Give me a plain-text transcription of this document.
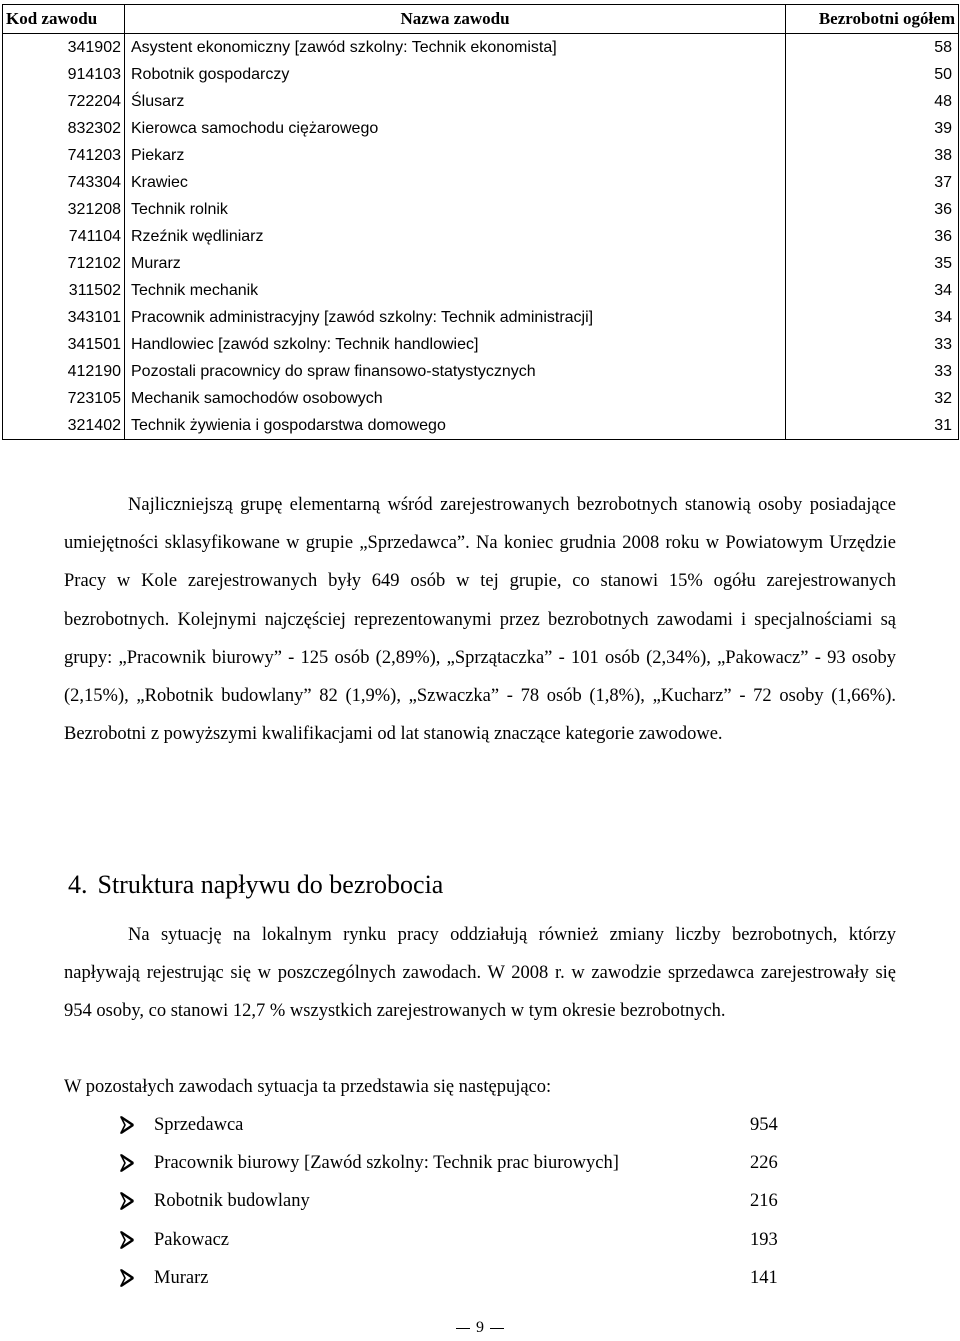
Kod zawodu	Nazwa zawodu	Bezrobotni ogółem
341902	Asystent ekonomiczny [zawód szkolny: Technik ekonomista]	58
914103	Robotnik gospodarczy	50
722204	Ślusarz	48
832302	Kierowca samochodu ciężarowego	39
741203	Piekarz	38
743304	Krawiec	37
321208	Technik rolnik	36
741104	Rzeźnik wędliniarz	36
712102	Murarz	35
311502	Technik mechanik	34
343101	Pracownik administracyjny [zawód szkolny: Technik administracji]	34
341501	Handlowiec [zawód szkolny: Technik handlowiec]	33
412190	Pozostali pracownicy do spraw finansowo-statystycznych	33
723105	Mechanik samochodów osobowych	32
321402	Technik żywienia i gospodarstwa domowego	31

Najliczniejszą grupę elementarną wśród zarejestrowanych bezrobotnych stanowią osoby posiadające umiejętności sklasyfikowane w grupie „Sprzedawca”. Na koniec grudnia 2008 roku w Powiatowym Urzędzie Pracy w Kole zarejestrowanych były 649 osób w tej grupie, co stanowi 15% ogółu zarejestrowanych bezrobotnych. Kolejnymi najczęściej reprezentowanymi przez bezrobotnych zawodami i specjalnościami są grupy: „Pracownik biurowy” - 125 osób (2,89%), „Sprzątaczka” - 101 osób (2,34%), „Pakowacz” - 93 osoby (2,15%), „Robotnik budowlany” 82 (1,9%), „Szwaczka” - 78 osób (1,8%), „Kucharz” - 72 osoby (1,66%). Bezrobotni z powyższymi kwalifikacjami od lat stanowią znaczące kategorie zawodowe.

4. Struktura napływu do bezrobocia

Na sytuację na lokalnym rynku pracy oddziałują również zmiany liczby bezrobotnych, którzy napływają rejestrując się w poszczególnych zawodach. W 2008 r. w zawodzie sprzedawca zarejestrowały się 954 osoby, co stanowi 12,7 % wszystkich zarejestrowanych w tym okresie bezrobotnych.

W pozostałych zawodach sytuacja ta przedstawia się następująco:

Sprzedawca	954
Pracownik biurowy [Zawód szkolny: Technik prac biurowych]	226
Robotnik budowlany	216
Pakowacz	193
Murarz	141
9
